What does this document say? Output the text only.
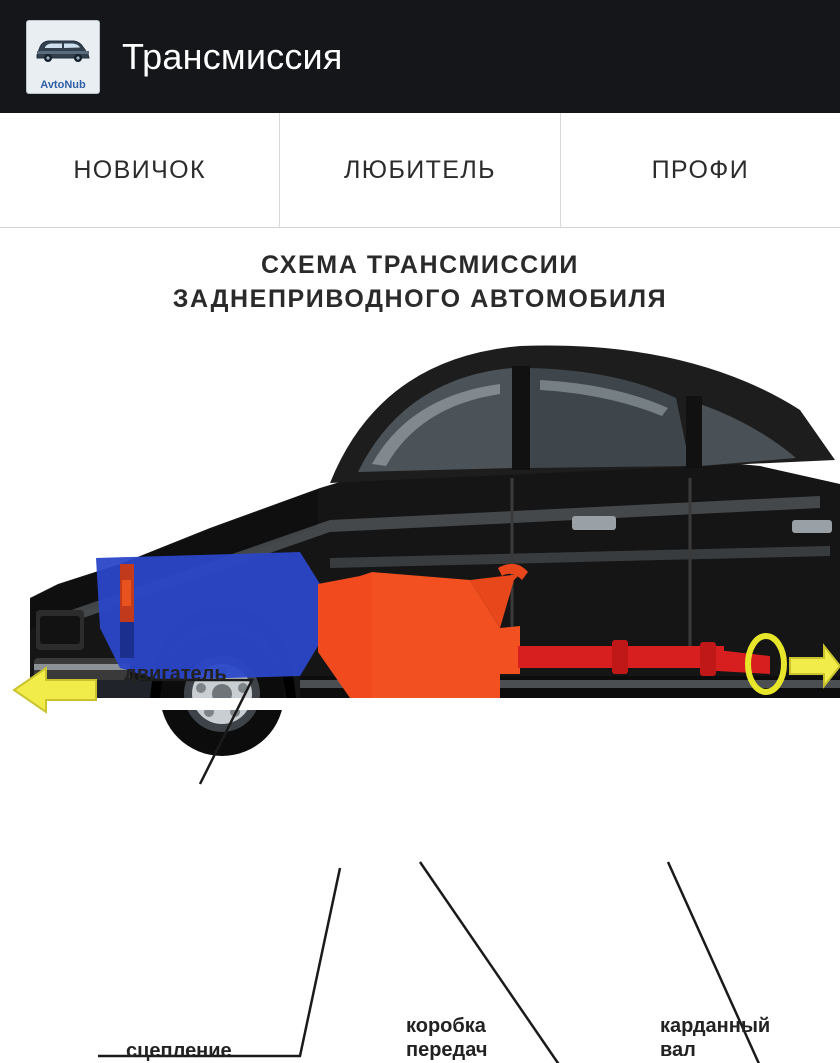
AvtoNub
Трансмиссия
НОВИЧОК	ЛЮБИТЕЛЬ	ПРОФИ
СХЕМА ТРАНСМИССИИ
ЗАДНЕПРИВОДНОГО АВТОМОБИЛЯ
двигатель
сцепление
коробка
передач
карданный
вал
